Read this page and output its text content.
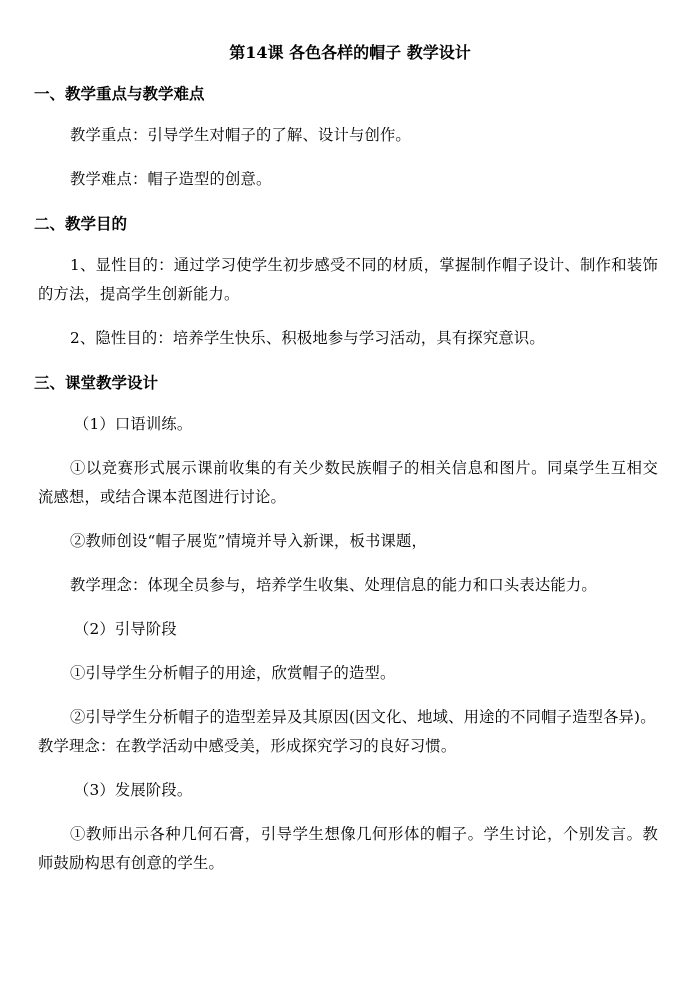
第14课 各色各样的帽子 教学设计
一、教学重点与教学难点

教学重点：引导学生对帽子的了解、设计与创作。

教学难点：帽子造型的创意。

二、教学目的

1、显性目的：通过学习使学生初步感受不同的材质，掌握制作帽子设计、制作和装饰的方法，提高学生创新能力。

2、隐性目的：培养学生快乐、积极地参与学习活动，具有探究意识。

三、课堂教学设计

（1）口语训练。

①以竞赛形式展示课前收集的有关少数民族帽子的相关信息和图片。同桌学生互相交流感想，或结合课本范图进行讨论。

②教师创设“帽子展览”情境并导入新课，板书课题，

教学理念：体现全员参与，培养学生收集、处理信息的能力和口头表达能力。

（2）引导阶段

①引导学生分析帽子的用途，欣赏帽子的造型。

②引导学生分析帽子的造型差异及其原因(因文化、地域、用途的不同帽子造型各异)。

教学理念：在教学活动中感受美，形成探究学习的良好习惯。

（3）发展阶段。

①教师出示各种几何石膏，引导学生想像几何形体的帽子。学生讨论，个别发言。教师鼓励构思有创意的学生。
